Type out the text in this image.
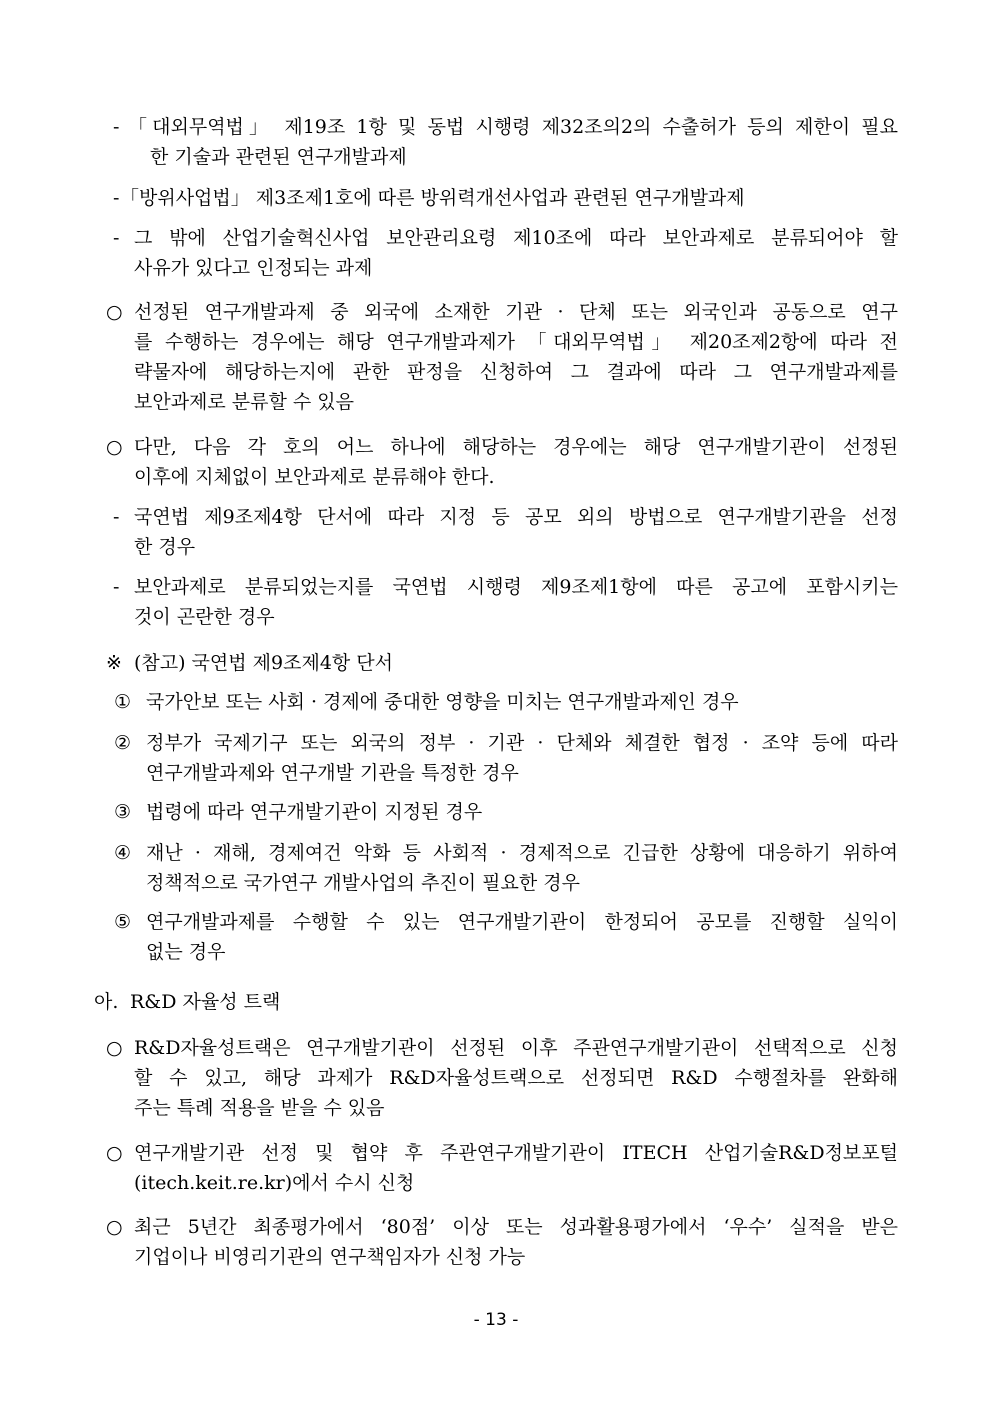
- 「대외무역법」 제19조 1항 및 동법 시행령 제32조의2의 수출허가 등의 제한이 필요
한 기술과 관련된 연구개발과제
- 「방위사업법」 제3조제1호에 따른 방위력개선사업과 관련된 연구개발과제
- 그 밖에 산업기술혁신사업 보안관리요령 제10조에 따라 보안과제로 분류되어야 할
사유가 있다고 인정되는 과제
○ 선정된 연구개발과제 중 외국에 소재한 기관 · 단체 또는 외국인과 공동으로 연구
를 수행하는 경우에는 해당 연구개발과제가 「대외무역법」 제20조제2항에 따라 전
략물자에 해당하는지에 관한 판정을 신청하여 그 결과에 따라 그 연구개발과제를
보안과제로 분류할 수 있음
○ 다만, 다음 각 호의 어느 하나에 해당하는 경우에는 해당 연구개발기관이 선정된
이후에 지체없이 보안과제로 분류해야 한다.
- 국연법 제9조제4항 단서에 따라 지정 등 공모 외의 방법으로 연구개발기관을 선정
한 경우
- 보안과제로 분류되었는지를 국연법 시행령 제9조제1항에 따른 공고에 포함시키는
것이 곤란한 경우
※ (참고) 국연법 제9조제4항 단서
① 국가안보 또는 사회 · 경제에 중대한 영향을 미치는 연구개발과제인 경우
② 정부가 국제기구 또는 외국의 정부 · 기관 · 단체와 체결한 협정 · 조약 등에 따라
연구개발과제와 연구개발 기관을 특정한 경우
③ 법령에 따라 연구개발기관이 지정된 경우
④ 재난 · 재해, 경제여건 악화 등 사회적 · 경제적으로 긴급한 상황에 대응하기 위하여
정책적으로 국가연구 개발사업의 추진이 필요한 경우
⑤ 연구개발과제를 수행할 수 있는 연구개발기관이 한정되어 공모를 진행할 실익이
없는 경우
아. R&D 자율성 트랙
○ R&D자율성트랙은 연구개발기관이 선정된 이후 주관연구개발기관이 선택적으로 신청
할 수 있고, 해당 과제가 R&D자율성트랙으로 선정되면 R&D 수행절차를 완화해
주는 특례 적용을 받을 수 있음
○ 연구개발기관 선정 및 협약 후 주관연구개발기관이 ITECH 산업기술R&D정보포털
(itech.keit.re.kr)에서 수시 신청
○ 최근 5년간 최종평가에서 ‘80점’ 이상 또는 성과활용평가에서 ‘우수’ 실적을 받은
기업이나 비영리기관의 연구책임자가 신청 가능
- 13 -
